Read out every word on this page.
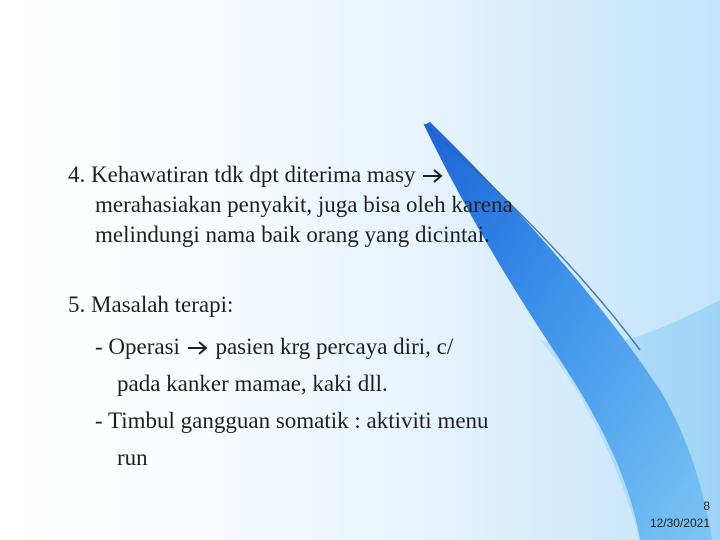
4. Kehawatiran tdk dpt diterima masy
merahasiakan penyakit, juga bisa oleh karena
melindungi nama baik orang yang dicintai.
5. Masalah terapi:
- Operasi pasien krg percaya diri, c/
pada kanker mamae, kaki dll.
- Timbul gangguan somatik : aktiviti menu
run
8
12/30/2021
